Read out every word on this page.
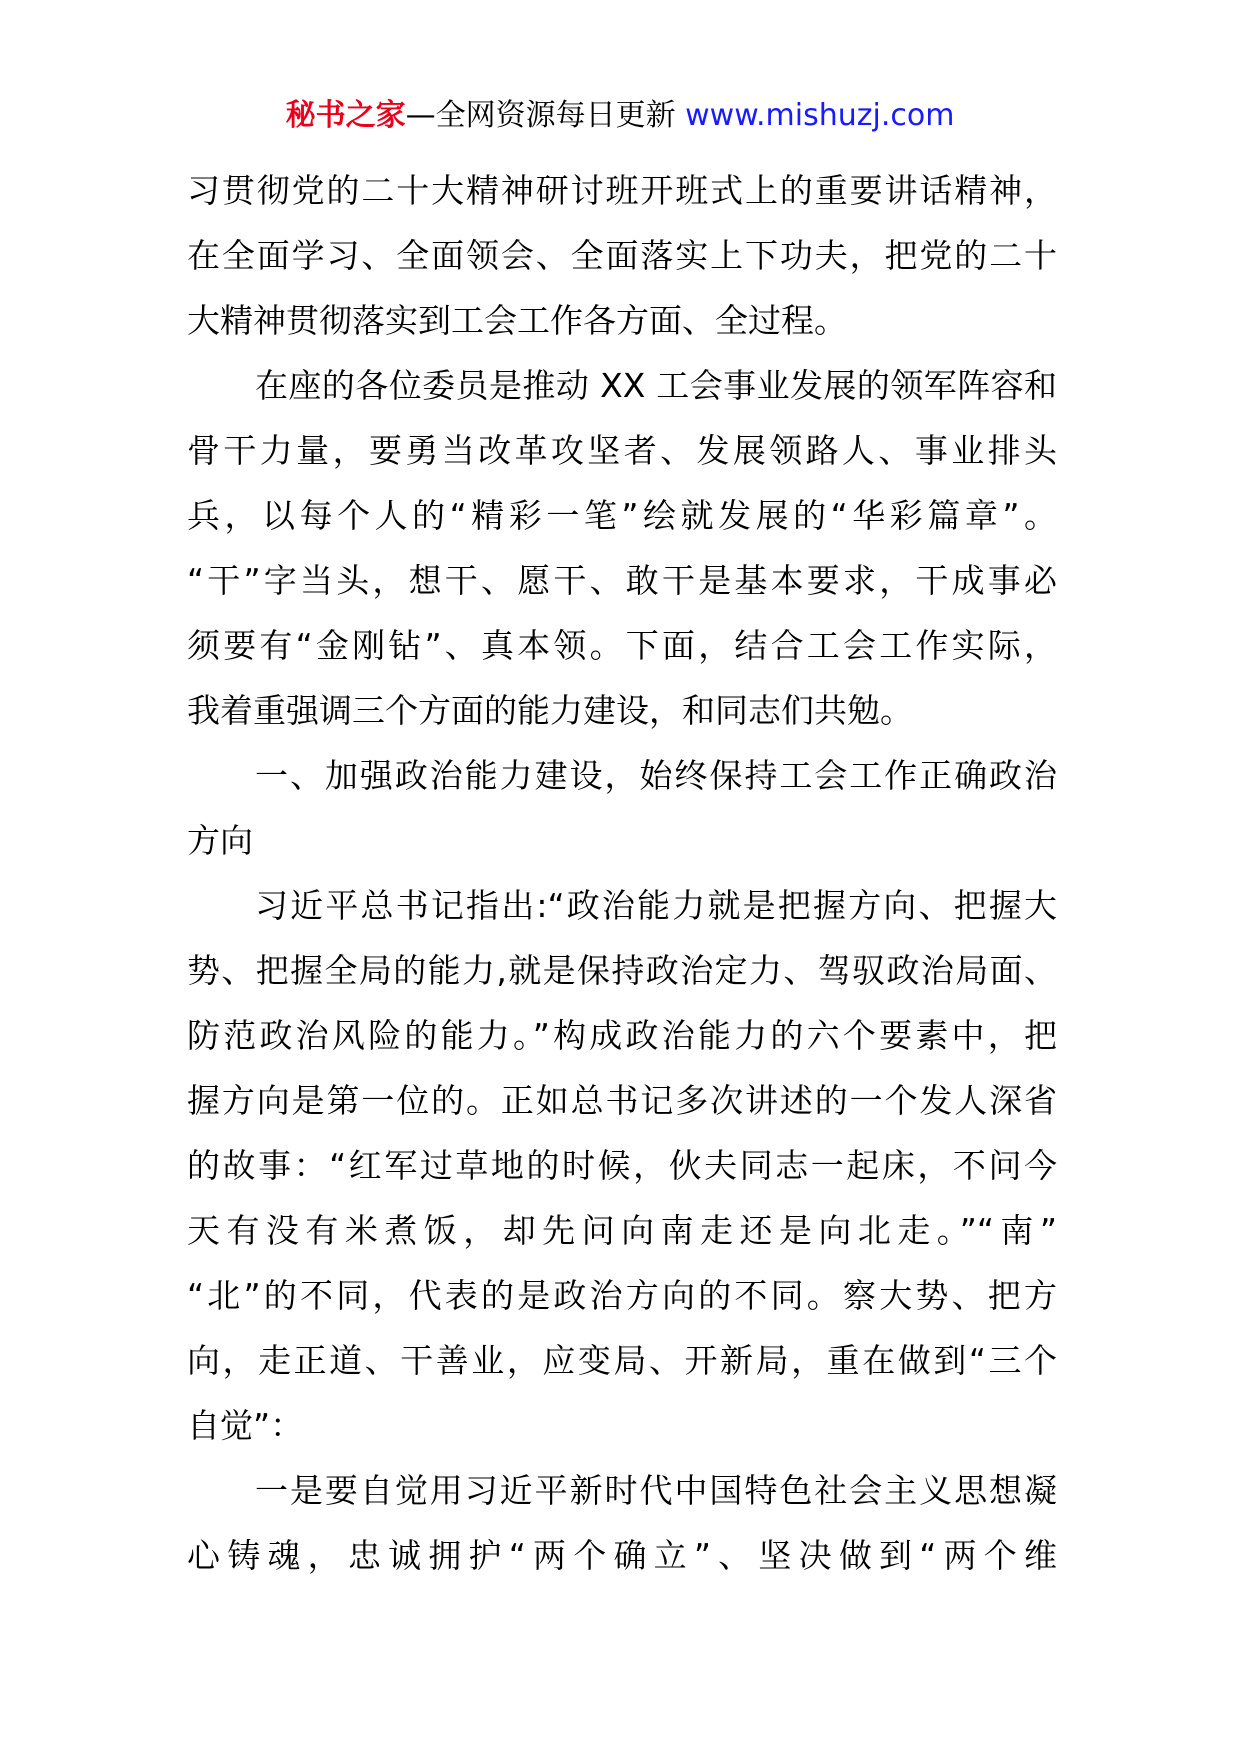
秘书之家—全网资源每日更新 www.mishuzj.com
习贯彻党的二十大精神研讨班开班式上的重要讲话精神，
在全面学习、全面领会、全面落实上下功夫，把党的二十
大精神贯彻落实到工会工作各方面、全过程。
在座的各位委员是推动 XX 工会事业发展的领军阵容和
骨干力量，要勇当改革攻坚者、发展领路人、事业排头
兵，以每个人的“精彩一笔”绘就发展的“华彩篇章”。
“干”字当头，想干、愿干、敢干是基本要求，干成事必
须要有“金刚钻”、真本领。下面，结合工会工作实际，
我着重强调三个方面的能力建设，和同志们共勉。
一、加强政治能力建设，始终保持工会工作正确政治
方向
习近平总书记指出:“政治能力就是把握方向、把握大
势、把握全局的能力,就是保持政治定力、驾驭政治局面、
防范政治风险的能力。”构成政治能力的六个要素中，把
握方向是第一位的。正如总书记多次讲述的一个发人深省
的故事：“红军过草地的时候，伙夫同志一起床，不问今
天有没有米煮饭，却先问向南走还是向北走。”“南”
“北”的不同，代表的是政治方向的不同。察大势、把方
向，走正道、干善业，应变局、开新局，重在做到“三个
自觉”：
一是要自觉用习近平新时代中国特色社会主义思想凝
心铸魂，忠诚拥护“两个确立”、坚决做到“两个维
